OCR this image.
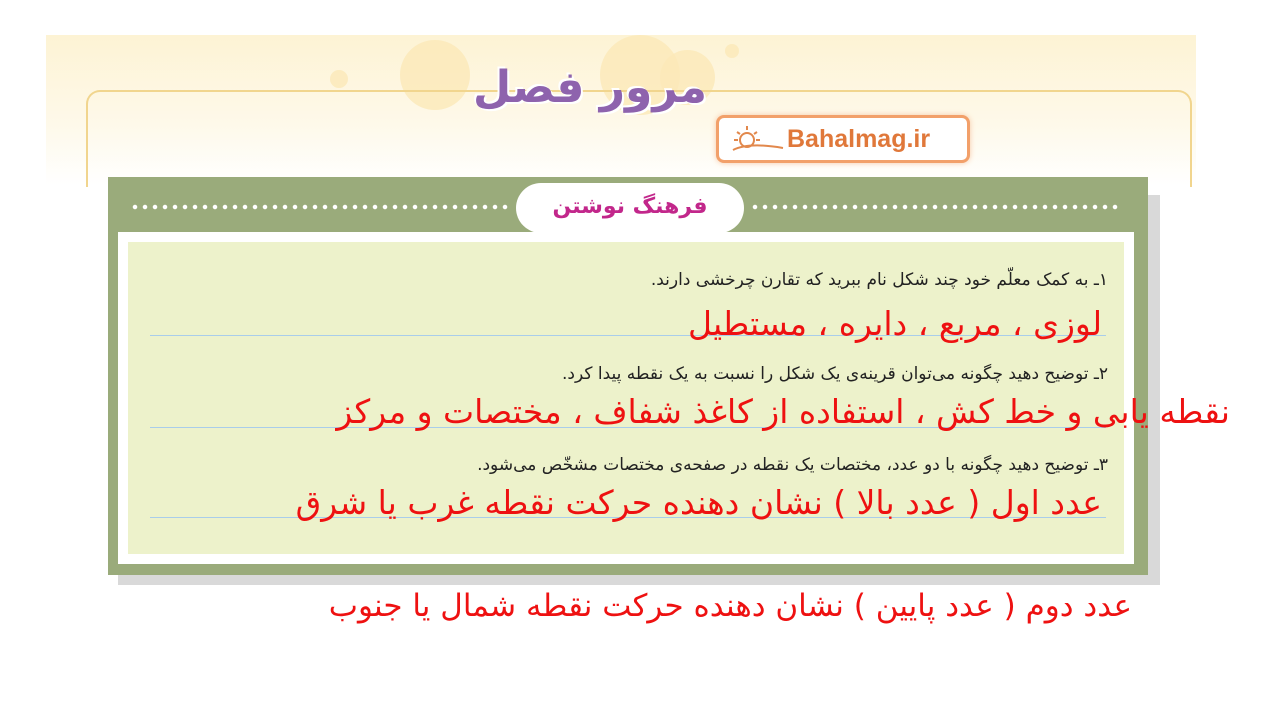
مرور فصل
Bahalmag.ir
فرهنگ نوشتن
۱ـ به کمک معلّم خود چند شکل نام ببرید که تقارن چرخشی دارند.
لوزی ، مربع ، دایره ، مستطیل
۲ـ توضیح دهید چگونه می‌توان قرینه‌ی یک شکل را نسبت به یک نقطه پیدا کرد.
نقطه یابی و خط کش ، استفاده از کاغذ شفاف ، مختصات و مرکز
۳ـ توضیح دهید چگونه با دو عدد، مختصات یک نقطه در صفحه‌ی مختصات مشخّص می‌شود.
عدد اول ( عدد بالا ) نشان دهنده حرکت نقطه غرب یا شرق
عدد دوم ( عدد پایین ) نشان دهنده حرکت نقطه شمال یا جنوب
